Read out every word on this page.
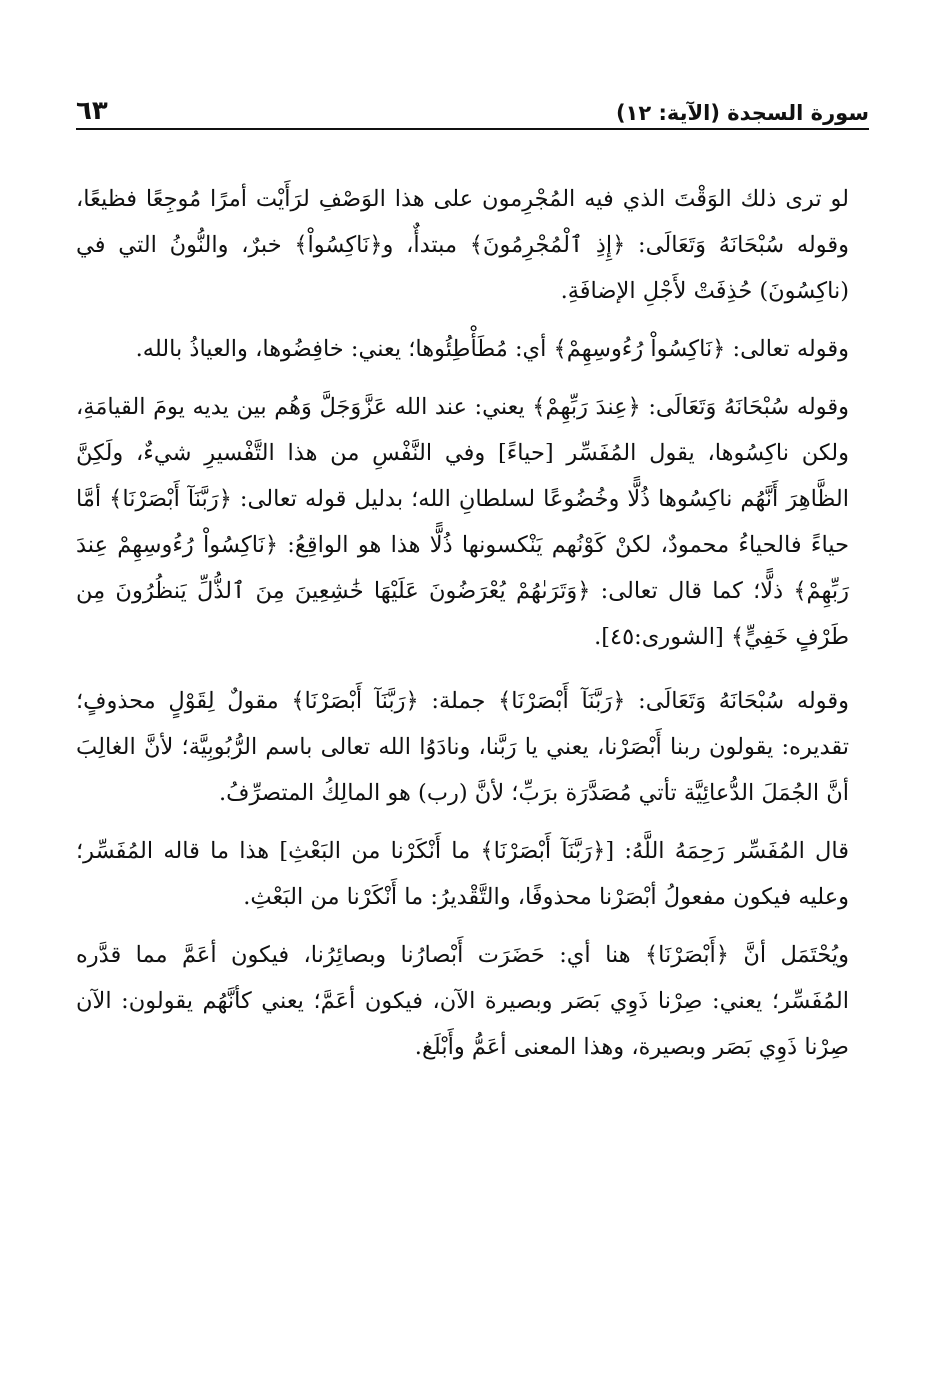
سورة السجدة (الآية: ١٢)
٦٣

لو ترى ذلك الوَقْتَ الذي فيه المُجْرِمون على هذا الوَصْفِ لرَأَيْت أمرًا مُوجِعًا فظيعًا، وقوله سُبْحَانَهُ وَتَعَالَى: ﴿إِذِ ٱلْمُجْرِمُونَ﴾ مبتدأٌ، و﴿نَاكِسُواْ﴾ خبرٌ، والنُّونُ التي في (ناكِسُونَ) حُذِفَتْ لأَجْلِ الإضافَةِ.

وقوله تعالى: ﴿نَاكِسُواْ رُءُوسِهِمْ﴾ أي: مُطَأْطِئُوها؛ يعني: خافِضُوها، والعياذُ بالله.

وقوله سُبْحَانَهُ وَتَعَالَى: ﴿عِندَ رَبِّهِمْ﴾ يعني: عند الله عَزَّوَجَلَّ وَهُم بين يديه يومَ القيامَةِ، ولكن ناكِسُوها، يقول المُفَسِّر [حياءً] وفي النَّفْسِ من هذا التَّفْسيرِ شيءٌ، ولَكِنَّ الظَّاهِرَ أَنَّهُم ناكِسُوها ذُلًّا وخُضُوعًا لسلطانِ الله؛ بدليل قوله تعالى: ﴿رَبَّنَآ أَبْصَرْنَا﴾ أمَّا حياءً فالحياءُ محمودٌ، لكنْ كَوْنُهم يَنْكسونها ذُلًّا هذا هو الواقِعُ: ﴿نَاكِسُواْ رُءُوسِهِمْ عِندَ رَبِّهِمْ﴾ ذلًّا؛ كما قال تعالى: ﴿وَتَرَىٰهُمْ يُعْرَضُونَ عَلَيْهَا خَٰشِعِينَ مِنَ ٱلذُّلِّ يَنظُرُونَ مِن طَرْفٍ خَفِيٍّ﴾ [الشورى:٤٥].

وقوله سُبْحَانَهُ وَتَعَالَى: ﴿رَبَّنَآ أَبْصَرْنَا﴾ جملة: ﴿رَبَّنَآ أَبْصَرْنَا﴾ مقولٌ لِقَوْلٍ محذوفٍ؛ تقديره: يقولون ربنا أَبْصَرْنا، يعني يا رَبَّنا، ونادَوُا الله تعالى باسم الرُّبُوبِيَّة؛ لأنَّ الغالِبَ أنَّ الجُمَلَ الدُّعائِيَّة تأتي مُصَدَّرَة برَبِّ؛ لأنَّ (رب) هو المالِكُ المتصرِّفُ.

قال المُفَسِّر رَحِمَهُ اللَّهُ: [﴿رَبَّنَآ أَبْصَرْنَا﴾ ما أَنْكَرْنا من البَعْثِ] هذا ما قاله المُفَسِّر؛ وعليه فيكون مفعولُ أبْصَرْنا محذوفًا، والتَّقْديرُ: ما أَنْكَرْنا من البَعْثِ.

ويُحْتَمَل أنَّ ﴿أَبْصَرْنَا﴾ هنا أي: حَضَرَت أَبْصارُنا وبصائِرُنا، فيكون أعَمَّ مما قدَّره المُفَسِّر؛ يعني: صِرْنا ذَوِي بَصَر وبصيرة الآن، فيكون أعَمَّ؛ يعني كأنَّهُم يقولون: الآن صِرْنا ذَوِي بَصَر وبصيرة، وهذا المعنى أعَمُّ وأَبْلَغ.
